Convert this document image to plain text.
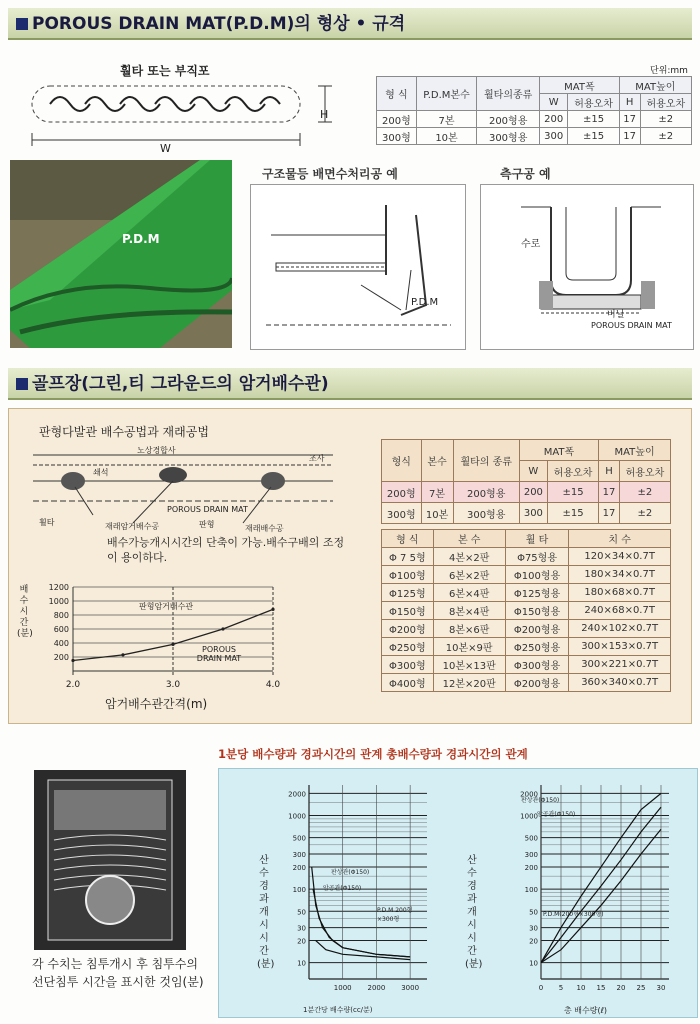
POROUS DRAIN MAT(P.D.M)의 형상 • 규격
훨타 또는 부직포
H
W
단위:mm
형 식	P.D.M본수	훨타의종류	MAT폭		MAT높이	
			W	허용오차	H	허용오차
200형	7본	200형용	200	±15	17	±2
300형	10본	300형용	300	±15	17	±2
P.D.M
구조물등 배면수처리공 예
P.D.M
측구공 예
수로
비닐
POROUS DRAIN MAT
골프장(그린,티 그라운드의 암거배수관)
판형다발관 배수공법과 재래공법
노상경합사
조사
쇄석
POROUS DRAIN MAT
휠타	재래암거배수공	판형	재래배수공
배수가능개시시간의 단축이 가능.배수구배의 조정이 용이하다.
배수시간(분)
200
400
600
800
1000
1200
2.0	3.0	4.0
판형암거배수관
POROUS DRAIN MAT
암거배수관간격(m)
형식	본수	훨타의 종류	MAT폭		MAT높이	
			W	허용오차	H	허용오차
200형	7본	200형용	200	±15	17	±2
300형	10본	300형용	300	±15	17	±2
형 식	본 수	훨 타	치 수
Φ 7 5형	4본×2판	Φ75형용	120×34×0.7T
Φ100형	6본×2판	Φ100형용	180×34×0.7T
Φ125형	6본×4판	Φ125형용	180×68×0.7T
Φ150형	8본×4판	Φ150형용	240×68×0.7T
Φ200형	8본×6판	Φ200형용	240×102×0.7T
Φ250형	10본×9판	Φ250형용	300×153×0.7T
Φ300형	10본×13판	Φ300형용	300×221×0.7T
Φ400형	12본×20판	Φ200형용	360×340×0.7T
1분당 배수량과 경과시간의 관계 총배수량과 경과시간의 관계
각 수치는 침투개시 후 침투수의 선단침투 시간을 표시한 것임(분)
10
20
30
50
100
200
300
500
1000
2000
1000 2000 3000
10
20
30
50
100
200
300
500
1000
2000
0 5 10 15 20 25 30
산수경과개시시간(분)
산수경과개시시간(분)
1분간당 배수량(cc/분)	총 배수량(ℓ)
판상관(Φ150)
암공관(Φ150)
P.D.M 200형×300형
판상관(Φ150)
암공관(Φ150)
P.D.M(200형×300형)
